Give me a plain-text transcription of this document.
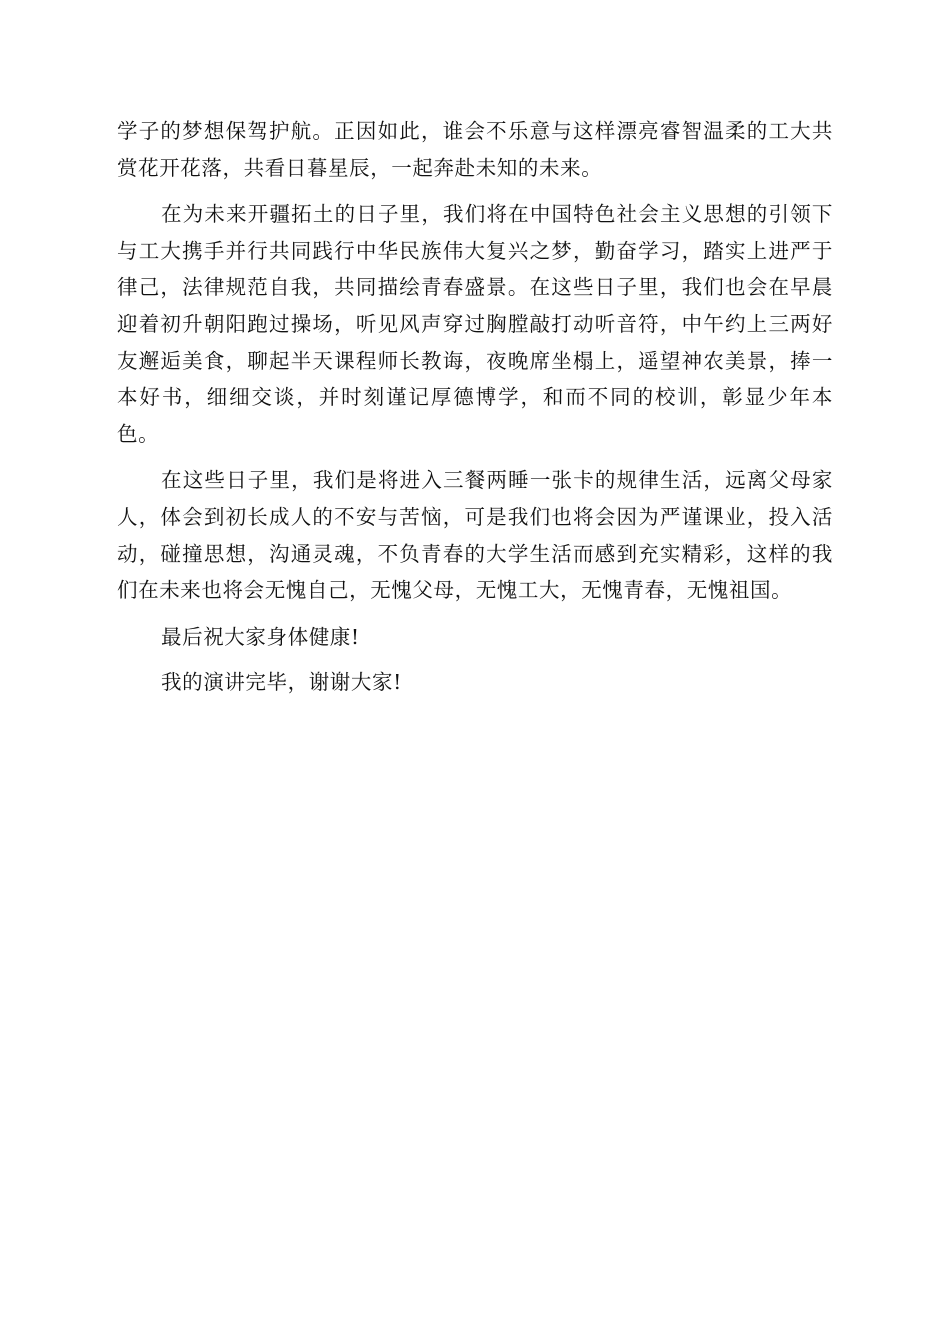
学子的梦想保驾护航。正因如此，谁会不乐意与这样漂亮睿智温柔的工大共赏花开花落，共看日暮星辰，一起奔赴未知的未来。

在为未来开疆拓土的日子里，我们将在中国特色社会主义思想的引领下与工大携手并行共同践行中华民族伟大复兴之梦，勤奋学习，踏实上进严于律己，法律规范自我，共同描绘青春盛景。在这些日子里，我们也会在早晨迎着初升朝阳跑过操场，听见风声穿过胸膛敲打动听音符，中午约上三两好友邂逅美食，聊起半天课程师长教诲，夜晚席坐榻上，遥望神农美景，捧一本好书，细细交谈，并时刻谨记厚德博学，和而不同的校训，彰显少年本色。

在这些日子里，我们是将进入三餐两睡一张卡的规律生活，远离父母家人，体会到初长成人的不安与苦恼，可是我们也将会因为严谨课业，投入活动，碰撞思想，沟通灵魂，不负青春的大学生活而感到充实精彩，这样的我们在未来也将会无愧自己，无愧父母，无愧工大，无愧青春，无愧祖国。

最后祝大家身体健康!

我的演讲完毕，谢谢大家!
